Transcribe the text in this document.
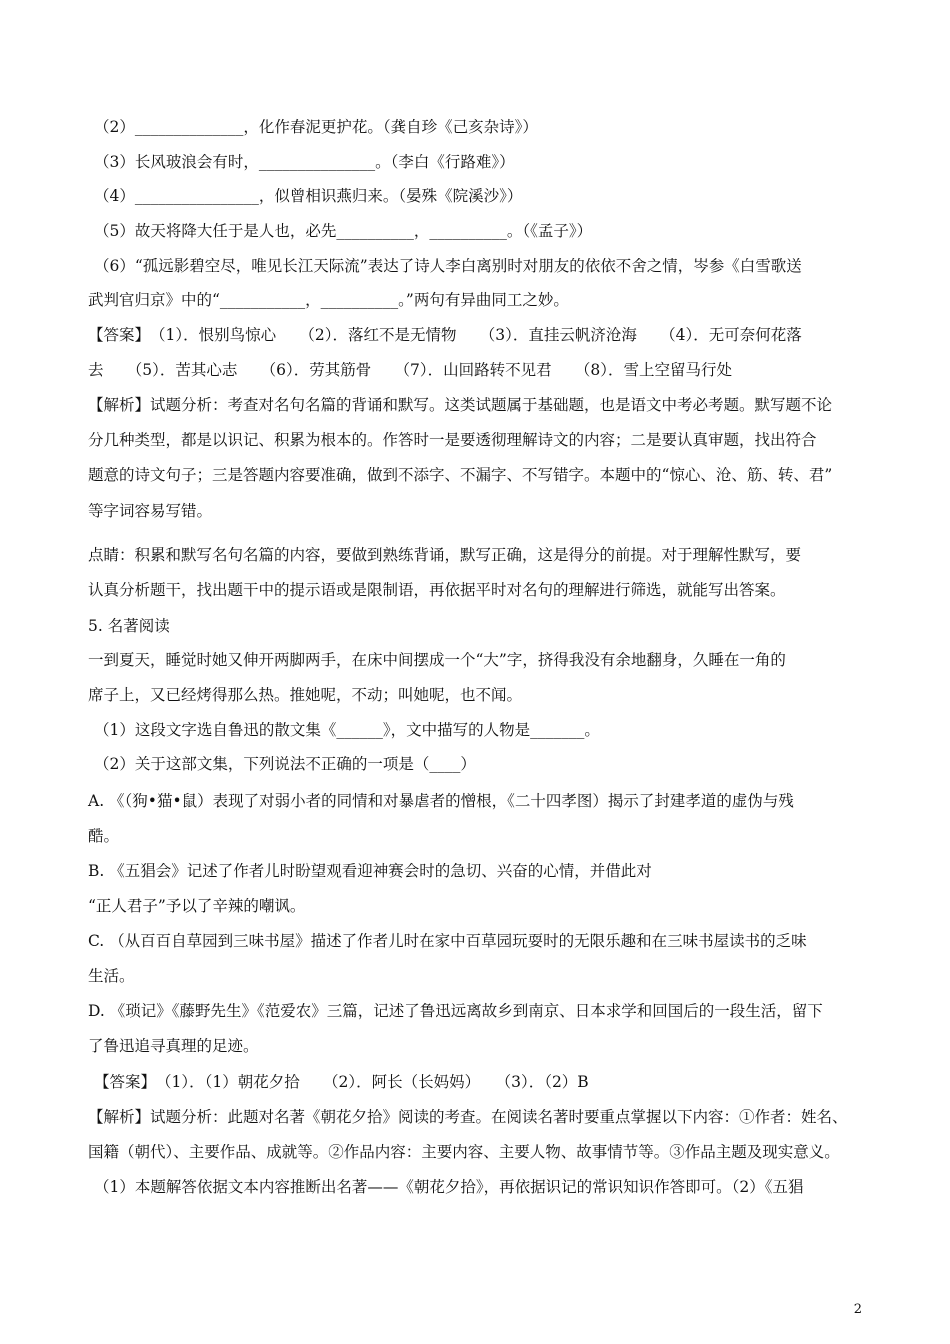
（2）______________，化作春泥更护花。（龚自珍《己亥杂诗》）
（3）长风玻浪会有时，_______________。（李白《行路难》）
（4）________________，似曾相识燕归来。（晏殊《院溪沙》）
（5）故天将降大任于是人也，必先__________，__________。（《孟子》）
（6）“孤远影碧空尽，唯见长江天际流”表达了诗人李白离别时对朋友的依依不舍之情，岑参《白雪歌送
武判官归京》中的“___________，__________。”两句有异曲同工之妙。
【答案】　（1）．恨别鸟惊心　　（2）．落红不是无情物　　（3）．直挂云帆济沧海　　（4）．无可奈何花落
去　　（5）．苦其心志　　（6）．劳其筋骨　　（7）．山回路转不见君　　（8）．雪上空留马行处
【解析】试题分析：考查对名句名篇的背诵和默写。这类试题属于基础题，也是语文中考必考题。默写题不论
分几种类型，都是以识记、积累为根本的。作答时一是要透彻理解诗文的内容；二是要认真审题，找出符合
题意的诗文句子；三是答题内容要准确，做到不添字、不漏字、不写错字。本题中的“惊心、沧、筋、转、君”
等字词容易写错。
点睛：积累和默写名句名篇的内容，要做到熟练背诵，默写正确，这是得分的前提。对于理解性默写，要
认真分析题干，找出题干中的提示语或是限制语，再依据平时对名句的理解进行筛选，就能写出答案。
5. 名著阅读
一到夏天，睡觉时她又伸开两脚两手，在床中间摆成一个“大”字，挤得我没有余地翻身，久睡在一角的
席子上，又已经烤得那么热。推她呢，不动；叫她呢，也不闻。
（1）这段文字选自鲁迅的散文集《______》，文中描写的人物是_______。
（2）关于这部文集，下列说法不正确的一项是（____）
A. 《（狗•猫•鼠）表现了对弱小者的同情和对暴虐者的憎根，《二十四孝图）揭示了封建孝道的虚伪与残
酷。
B. 《五猖会》记述了作者儿时盼望观看迎神赛会时的急切、兴奋的心情，并借此对
“正人君子”予以了辛辣的嘲讽。
C. （从百百自草园到三味书屋》描述了作者儿时在家中百草园玩耍时的无限乐趣和在三味书屋读书的乏味
生活。
D. 《琐记》《藤野先生》《范爱农》三篇，记述了鲁迅远离故乡到南京、日本求学和回国后的一段生活，留下
了鲁迅追寻真理的足迹。
【答案】　（1）．（1）朝花夕拾　　（2）．阿长（长妈妈）　　（3）．（2）B
【解析】试题分析：此题对名著《朝花夕拾》阅读的考查。在阅读名著时要重点掌握以下内容：①作者：姓名、
国籍（朝代）、主要作品、成就等。②作品内容：主要内容、主要人物、故事情节等。③作品主题及现实意义。
（1）本题解答依据文本内容推断出名著——《朝花夕拾》，再依据识记的常识知识作答即可。（2）《五猖
2
